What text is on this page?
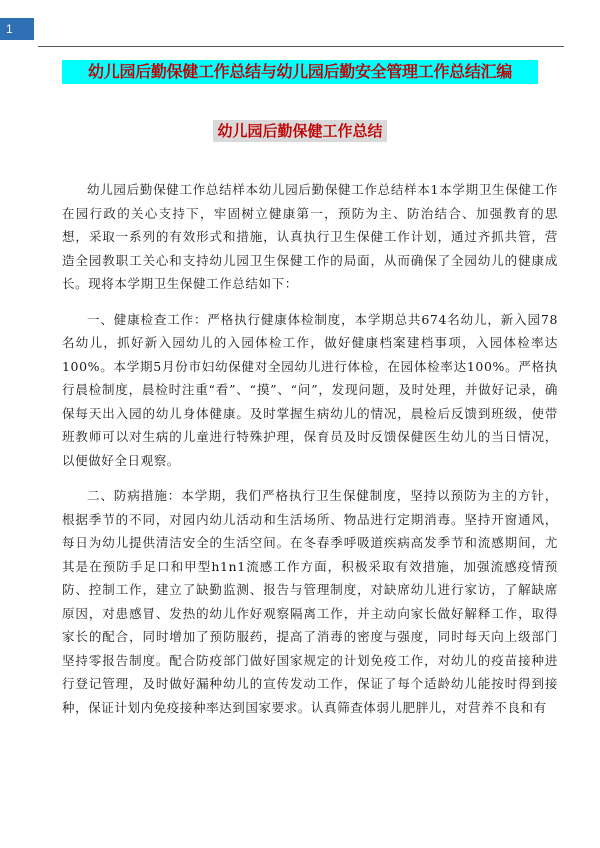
1
幼儿园后勤保健工作总结与幼儿园后勤安全管理工作总结汇编
幼儿园后勤保健工作总结

幼儿园后勤保健工作总结样本幼儿园后勤保健工作总结样本1本学期卫生保健工作在园行政的关心支持下，牢固树立健康第一，预防为主、防治结合、加强教育的思想，采取一系列的有效形式和措施，认真执行卫生保健工作计划，通过齐抓共管，营造全园教职工关心和支持幼儿园卫生保健工作的局面，从而确保了全园幼儿的健康成长。现将本学期卫生保健工作总结如下：

一、健康检查工作：严格执行健康体检制度，本学期总共674名幼儿，新入园78名幼儿，抓好新入园幼儿的入园体检工作，做好健康档案建档事项，入园体检率达100%。本学期5月份市妇幼保健对全园幼儿进行体检，在园体检率达100%。严格执行晨检制度，晨检时注重“看”、“摸”、“问”，发现问题，及时处理，并做好记录，确保每天出入园的幼儿身体健康。及时掌握生病幼儿的情况，晨检后反馈到班级，使带班教师可以对生病的儿童进行特殊护理，保育员及时反馈保健医生幼儿的当日情况，以便做好全日观察。

二、防病措施：本学期，我们严格执行卫生保健制度，坚持以预防为主的方针，根据季节的不同，对园内幼儿活动和生活场所、物品进行定期消毒。坚持开窗通风，每日为幼儿提供清洁安全的生活空间。在冬春季呼吸道疾病高发季节和流感期间，尤其是在预防手足口和甲型h1n1流感工作方面，积极采取有效措施，加强流感疫情预防、控制工作，建立了缺勤监测、报告与管理制度，对缺席幼儿进行家访，了解缺席原因，对患感冒、发热的幼儿作好观察隔离工作，并主动向家长做好解释工作，取得家长的配合，同时增加了预防服药，提高了消毒的密度与强度，同时每天向上级部门坚持零报告制度。配合防疫部门做好国家规定的计划免疫工作，对幼儿的疫苗接种进行登记管理，及时做好漏种幼儿的宣传发动工作，保证了每个适龄幼儿能按时得到接种，保证计划内免疫接种率达到国家要求。认真筛查体弱儿肥胖儿，对营养不良和有
